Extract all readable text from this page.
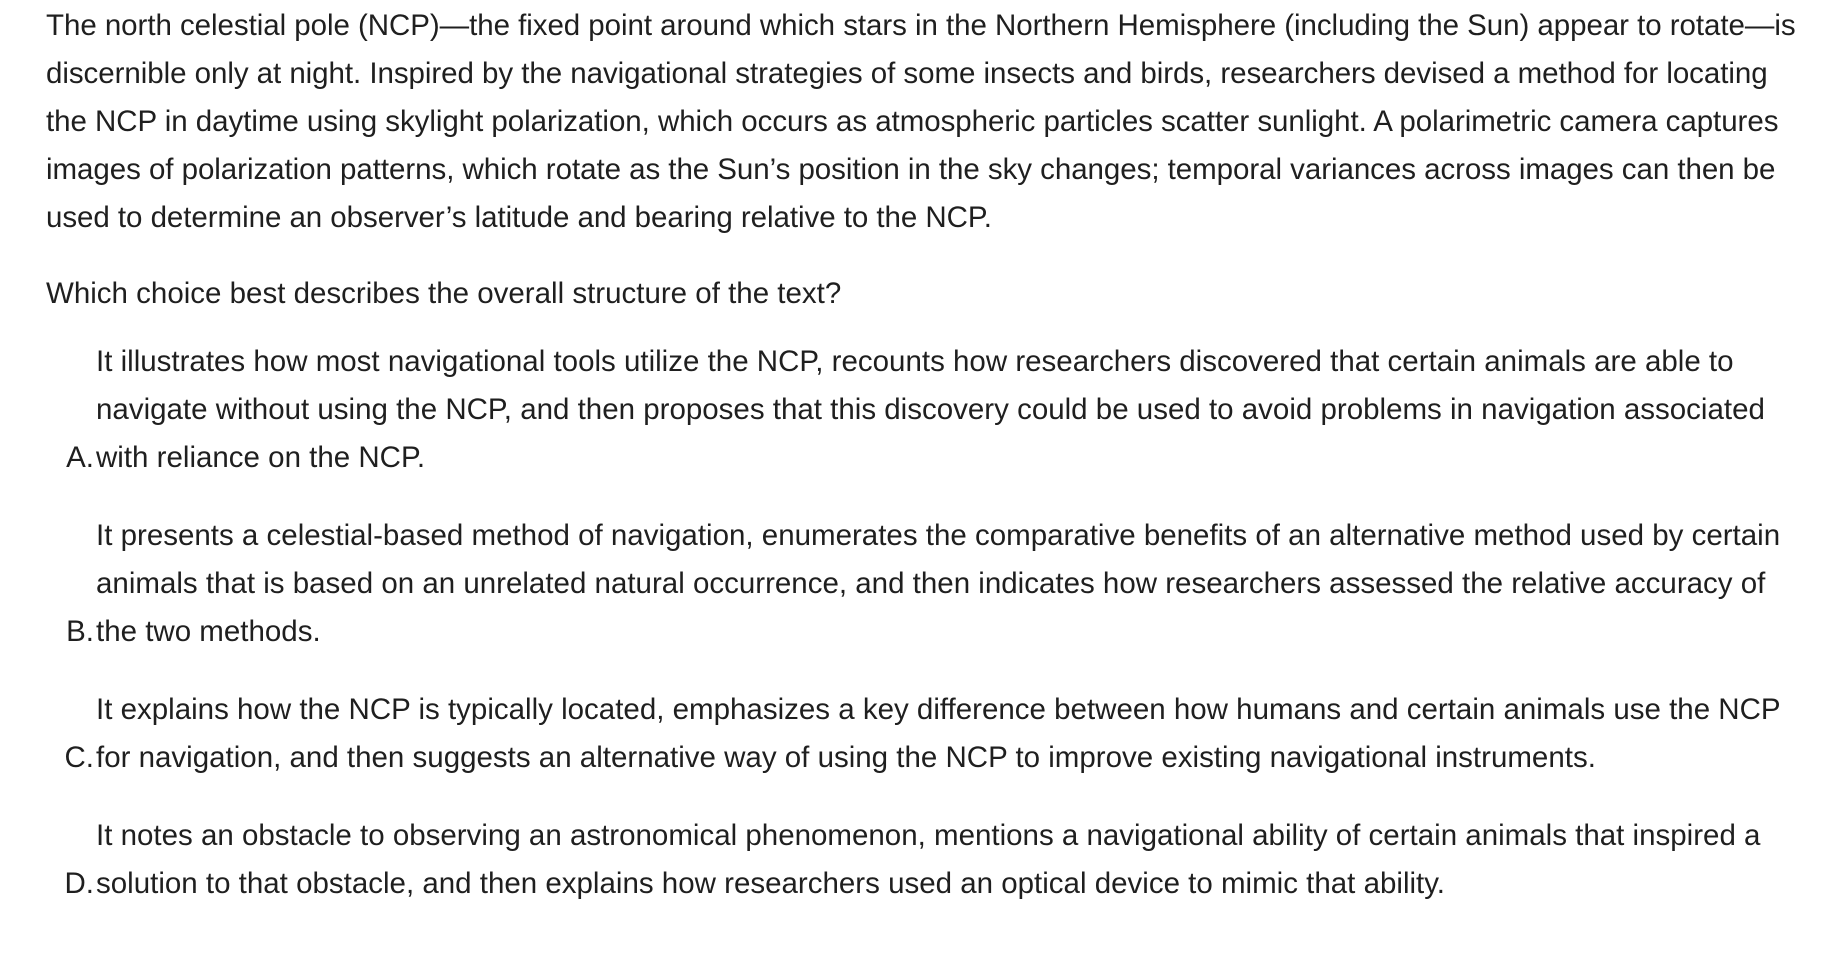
The north celestial pole (NCP)—the fixed point around which stars in the Northern Hemisphere (including the Sun) appear to rotate—is discernible only at night. Inspired by the navigational strategies of some insects and birds, researchers devised a method for locating the NCP in daytime using skylight polarization, which occurs as atmospheric particles scatter sunlight. A polarimetric camera captures images of polarization patterns, which rotate as the Sun’s position in the sky changes; temporal variances across images can then be used to determine an observer’s latitude and bearing relative to the NCP.

Which choice best describes the overall structure of the text?

A.
It illustrates how most navigational tools utilize the NCP, recounts how researchers discovered that certain animals are able to navigate without using the NCP, and then proposes that this discovery could be used to avoid problems in navigation associated with reliance on the NCP.
B.
It presents a celestial-based method of navigation, enumerates the comparative benefits of an alternative method used by certain animals that is based on an unrelated natural occurrence, and then indicates how researchers assessed the relative accuracy of the two methods.
C.
It explains how the NCP is typically located, emphasizes a key difference between how humans and certain animals use the NCP for navigation, and then suggests an alternative way of using the NCP to improve existing navigational instruments.
D.
It notes an obstacle to observing an astronomical phenomenon, mentions a navigational ability of certain animals that inspired a solution to that obstacle, and then explains how researchers used an optical device to mimic that ability.
